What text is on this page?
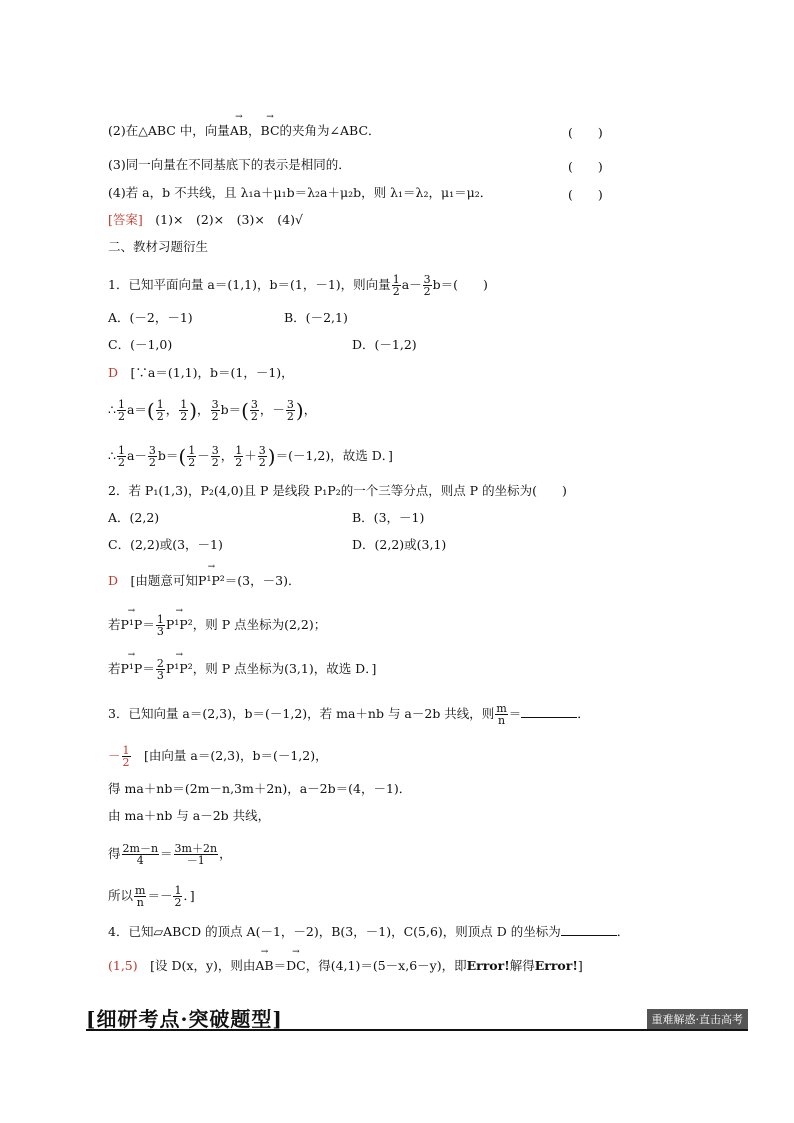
(2)在△ABC 中，向量→ AB，→ BC的夹角为∠ABC．	(　　)
(3)同一向量在不同基底下的表示是相同的．	(　　)
(4)若 a，b 不共线，且 λ₁a＋μ₁b＝λ₂a＋μ₂b，则 λ₁＝λ₂，μ₁＝μ₂．	(　　)
[答案]　(1)×　(2)×　(3)×　(4)√
二、教材习题衍生
1．已知平面向量 a＝(1,1)，b＝(1，－1)，则向量 $\frac{1}{2} a- \frac{3}{2} b=$(　　)
A．(－2，－1)	B．(－2,1)
C．(－1,0)	D．(－1,2)
D　 [∵a＝(1,1)，b＝(1，－1)，
∴ $\frac{1}{2} a=( \frac{1}{2}$ ， $\frac{1}{2}$ )， $\frac{3}{2} b=( \frac{3}{2}$ ，－ $\frac{3}{2}$ )，
∴ $\frac{1}{2} a- \frac{3}{2} b=( \frac{1}{2} - \frac{3}{2}$ ， $\frac{1}{2} + \frac{3}{2} )=(-1,2)$，故选 D．]
2．若 P₁(1,3)，P₂(4,0)且 P 是线段 P₁P₂的一个三等分点，则点 P 的坐标为(　　)
A．(2,2)	B．(3，－1)
C．(2,2)或(3，－1)	D．(2,2)或(3,1)
D　 [由题意可知→ P¹P²＝(3，－3)．
若→ $P^1P= \frac{1}{3}$
→ P¹P²，则 P 点坐标为(2,2)；
若→ $P^1P= \frac{2}{3}$
→ P¹P²，则 P 点坐标为(3,1)，故选 D．]
3．已知向量 a＝(2,3)，b＝(－1,2)，若 ma＋nb 与 a－2b 共线，则 $\frac{m}{n}$ ＝	．
－ $\frac{1}{2}$
　 [由向量 a＝(2,3)，b＝(－1,2)，
得 ma＋nb＝(2m－n,3m＋2n)，a－2b＝(4，－1)．
由 ma＋nb 与 a－2b 共线，
得 $\frac{2m-n}{4} = \frac{3m+2n}{-1}$ ，
所以 $\frac{m}{n} =- \frac{1}{2}$ ．]
4．已知▱ABCD 的顶点 A(－1，－2)，B(3，－1)，C(5,6)，则顶点 D 的坐标为	．
(1,5)　[设 D(x，y)，则由→ AB＝→ DC，得(4,1)＝(5－x,6－y)，即Error!解得Error!]
[细研考点·突破题型]	重难解惑·直击高考
